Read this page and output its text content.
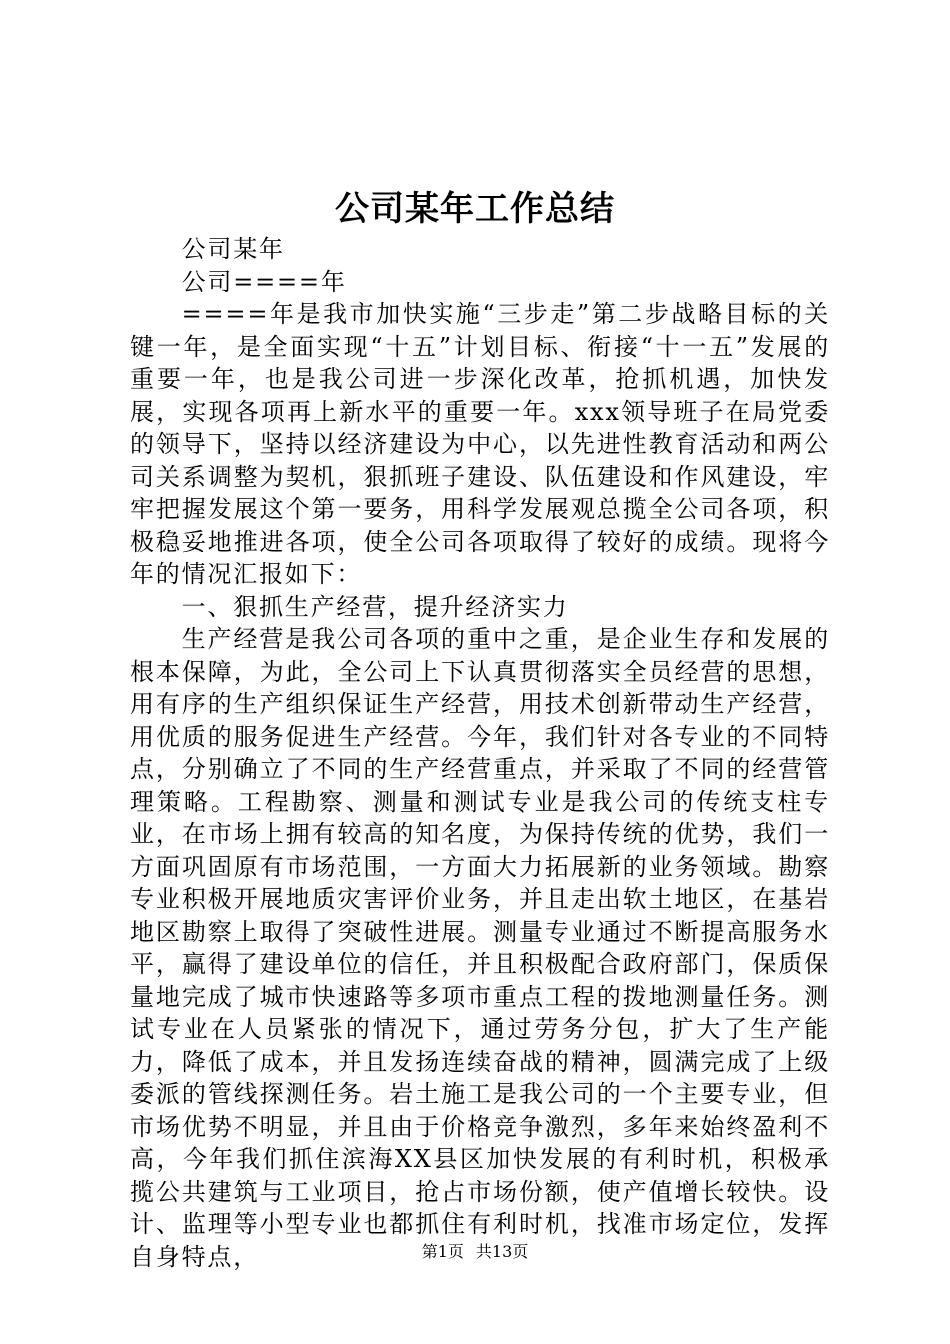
公司某年工作总结

公司某年

公司====年

====年是我市加快实施“三步走”第二步战略目标的关键一年，是全面实现“十五”计划目标、衔接“十一五”发展的重要一年，也是我公司进一步深化改革，抢抓机遇，加快发展，实现各项再上新水平的重要一年。xxx领导班子在局党委的领导下，坚持以经济建设为中心，以先进性教育活动和两公司关系调整为契机，狠抓班子建设、队伍建设和作风建设，牢牢把握发展这个第一要务，用科学发展观总揽全公司各项，积极稳妥地推进各项，使全公司各项取得了较好的成绩。现将今年的情况汇报如下：

一、狠抓生产经营，提升经济实力

生产经营是我公司各项的重中之重，是企业生存和发展的根本保障，为此，全公司上下认真贯彻落实全员经营的思想，用有序的生产组织保证生产经营，用技术创新带动生产经营，用优质的服务促进生产经营。今年，我们针对各专业的不同特点，分别确立了不同的生产经营重点，并采取了不同的经营管理策略。工程勘察、测量和测试专业是我公司的传统支柱专业，在市场上拥有较高的知名度，为保持传统的优势，我们一方面巩固原有市场范围，一方面大力拓展新的业务领域。勘察专业积极开展地质灾害评价业务，并且走出软土地区，在基岩地区勘察上取得了突破性进展。测量专业通过不断提高服务水平，赢得了建设单位的信任，并且积极配合政府部门，保质保量地完成了城市快速路等多项市重点工程的拨地测量任务。测试专业在人员紧张的情况下，通过劳务分包，扩大了生产能力，降低了成本，并且发扬连续奋战的精神，圆满完成了上级委派的管线探测任务。岩土施工是我公司的一个主要专业，但市场优势不明显，并且由于价格竞争激烈，多年来始终盈利不高，今年我们抓住滨海XX县区加快发展的有利时机，积极承揽公共建筑与工业项目，抢占市场份额，使产值增长较快。设计、监理等小型专业也都抓住有利时机，找准市场定位，发挥自身特点，	第1页 共13页
